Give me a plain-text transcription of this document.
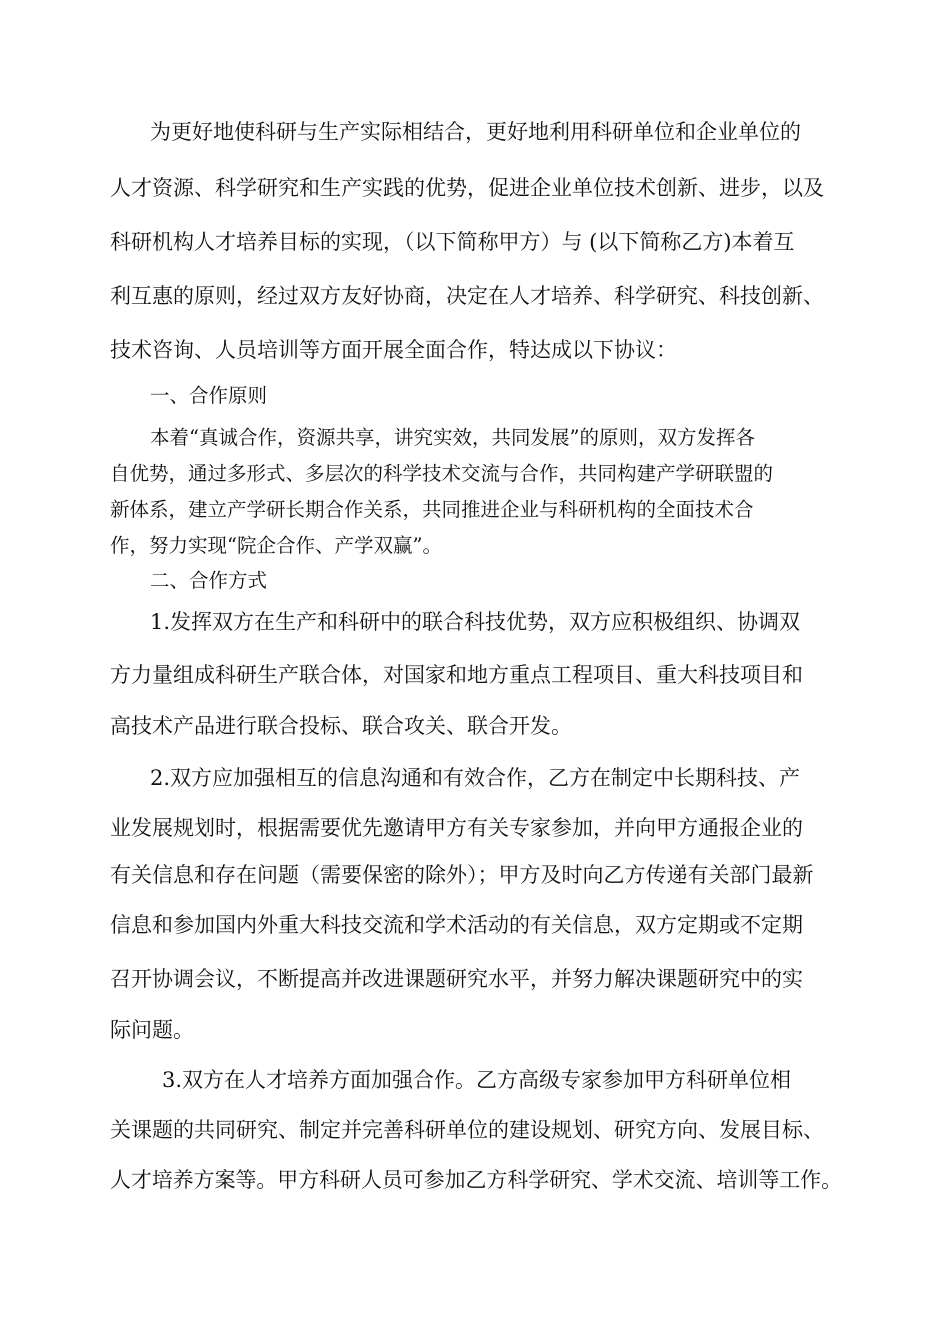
为更好地使科研与生产实际相结合，更好地利用科研单位和企业单位的

人才资源、科学研究和生产实践的优势，促进企业单位技术创新、进步，以及

科研机构人才培养目标的实现，（以下简称甲方）与 (以下简称乙方)本着互

利互惠的原则，经过双方友好协商，决定在人才培养、科学研究、科技创新、

技术咨询、人员培训等方面开展全面合作，特达成以下协议：

一、合作原则

本着“真诚合作，资源共享，讲究实效，共同发展”的原则，双方发挥各

自优势，通过多形式、多层次的科学技术交流与合作，共同构建产学研联盟的

新体系，建立产学研长期合作关系，共同推进企业与科研机构的全面技术合

作，努力实现“院企合作、产学双赢”。

二、合作方式

1.发挥双方在生产和科研中的联合科技优势，双方应积极组织、协调双

方力量组成科研生产联合体，对国家和地方重点工程项目、重大科技项目和

高技术产品进行联合投标、联合攻关、联合开发。

2.双方应加强相互的信息沟通和有效合作，乙方在制定中长期科技、产

业发展规划时，根据需要优先邀请甲方有关专家参加，并向甲方通报企业的

有关信息和存在问题（需要保密的除外）；甲方及时向乙方传递有关部门最新

信息和参加国内外重大科技交流和学术活动的有关信息，双方定期或不定期

召开协调会议，不断提高并改进课题研究水平，并努力解决课题研究中的实

际问题。

3.双方在人才培养方面加强合作。乙方高级专家参加甲方科研单位相

关课题的共同研究、制定并完善科研单位的建设规划、研究方向、发展目标、

人才培养方案等。甲方科研人员可参加乙方科学研究、学术交流、培训等工作。
